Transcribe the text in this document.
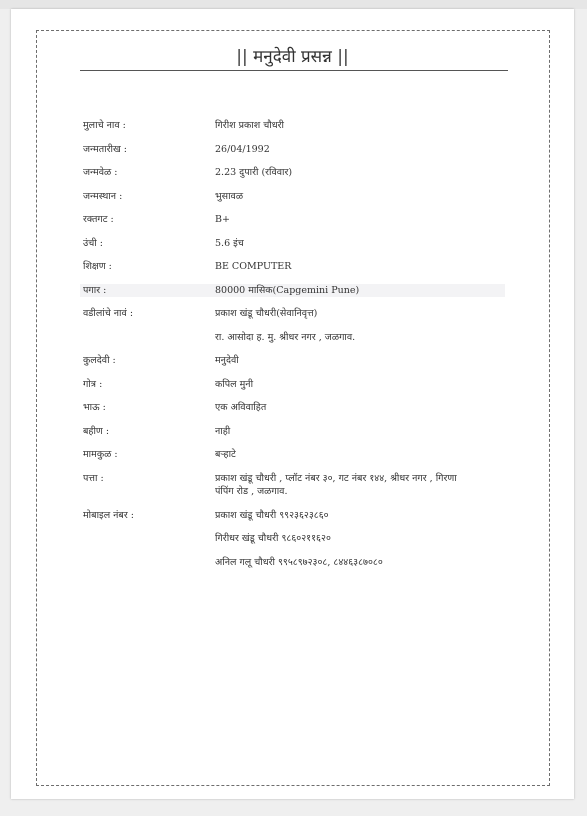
|| मनुदेवी प्रसन्न ||
मुलाचे नाव :	गिरीश प्रकाश चौधरी
जन्मतारीख :	26/04/1992
जन्मवेळ :	2.23 दुपारी (रविवार)
जन्मस्थान :	भुसावळ
रक्तगट :	B+
उंची :	5.6 इंच
शिक्षण :	BE COMPUTER
पगार :	80000 मासिक(Capgemini Pune)
वडीलांचे नावं :	प्रकाश खंडू चौधरी(सेवानिवृत्त)
रा. आसोदा ह. मु. श्रीधर नगर , जळगाव.
कुलदेवी :	मनुदेवी
गोत्र :	कपिल मुनी
भाऊ :	एक अविवाहित
बहीण :	नाही
मामकुळ :	बऱ्हाटे
पत्ता :	प्रकाश खंडू चौधरी , प्लॉट नंबर ३०, गट नंबर १४४, श्रीधर नगर , गिरणा
पंपिंग रोड , जळगाव.
मोबाइल नंबर :	प्रकाश खंडू चौधरी ९९२३६२३८६०
गिरीधर खंडू चौधरी ९८६०२११६२०
अनिल गलू चौधरी ९९५८९७२३०८, ८४४६३८७०८०
